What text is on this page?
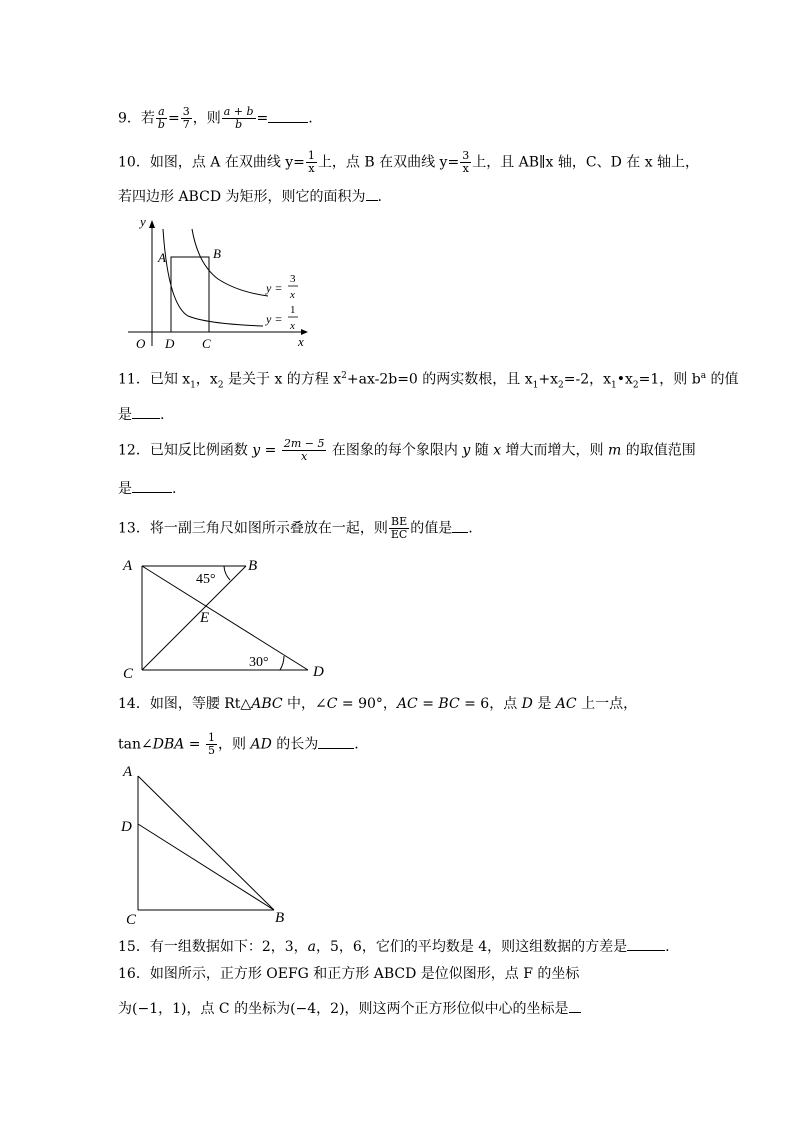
9．若 $\frac{a}{b} = \frac{3}{7}$ ，则 $\frac{a + b}{b}$ =	.
10．如图，点 A 在双曲线 $y= \frac{1}{x}$ 上，点 B 在双曲线 $y= \frac{3}{x}$ 上，且 AB∥x 轴，C、D 在 x 轴上，
若四边形 ABCD 为矩形，则它的面积为 .
y
x
O
A	B
D C
y =
3
x
y =
1
x
11．已知 $x_1$，$x_2$ 是关于 x 的方程 $x^2+ax-2b=0$ 的两实数根，且 $x_1+x_2=-2$，$x_1•x_2=1$，则 $b^a$ 的值
是 .
12．已知反比例函数 $y = \frac{2m - 5}{x}$ 在图象的每个象限内 y 随 x 增大而增大，则 m 的取值范围
是	.
13．将一副三角尺如图所示叠放在一起，则 $\frac{BE}{EC}$ 的值是 .
A	B
C	D
E
45°
30°
14．如图，等腰 Rt△ABC 中，∠C = 90°，AC = BC = 6，点 D 是 AC 上一点，
tan∠DBA = $\frac{1}{5}$ ，则 AD 的长为	.
A
D
C	B
15．有一组数据如下：2，3，a，5，6，它们的平均数是 4，则这组数据的方差是	.
16．如图所示，正方形 OEFG 和正方形 ABCD 是位似图形，点 F 的坐标
为(−1，1)，点 C 的坐标为(−4，2)，则这两个正方形位似中心的坐标是
